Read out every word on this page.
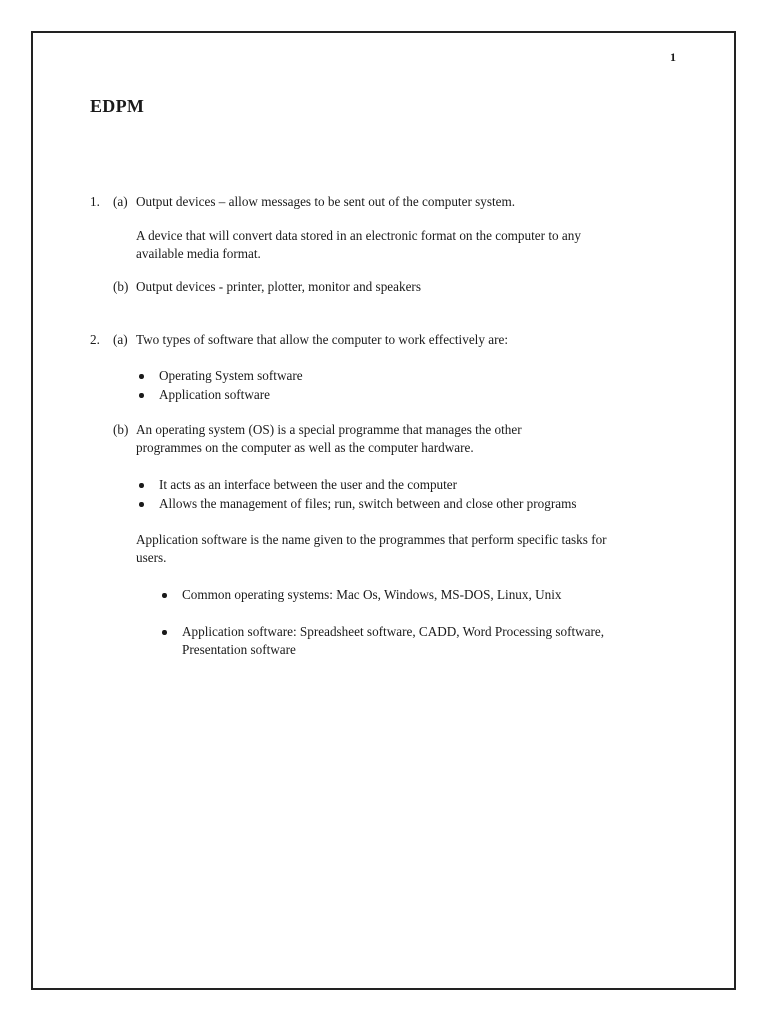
1
EDPM
1. (a) Output devices – allow messages to be sent out of the computer system.
A device that will convert data stored in an electronic format on the computer to any
available media format.
(b) Output devices - printer, plotter, monitor and speakers
2. (a) Two types of software that allow the computer to work effectively are:
Operating System software
Application software
(b) An operating system (OS) is a special programme that manages the other
programmes on the computer as well as the computer hardware.
It acts as an interface between the user and the computer
Allows the management of files; run, switch between and close other programs
Application software is the name given to the programmes that perform specific tasks for
users.
Common operating systems: Mac Os, Windows, MS-DOS, Linux, Unix
Application software: Spreadsheet software, CADD, Word Processing software,
Presentation software
